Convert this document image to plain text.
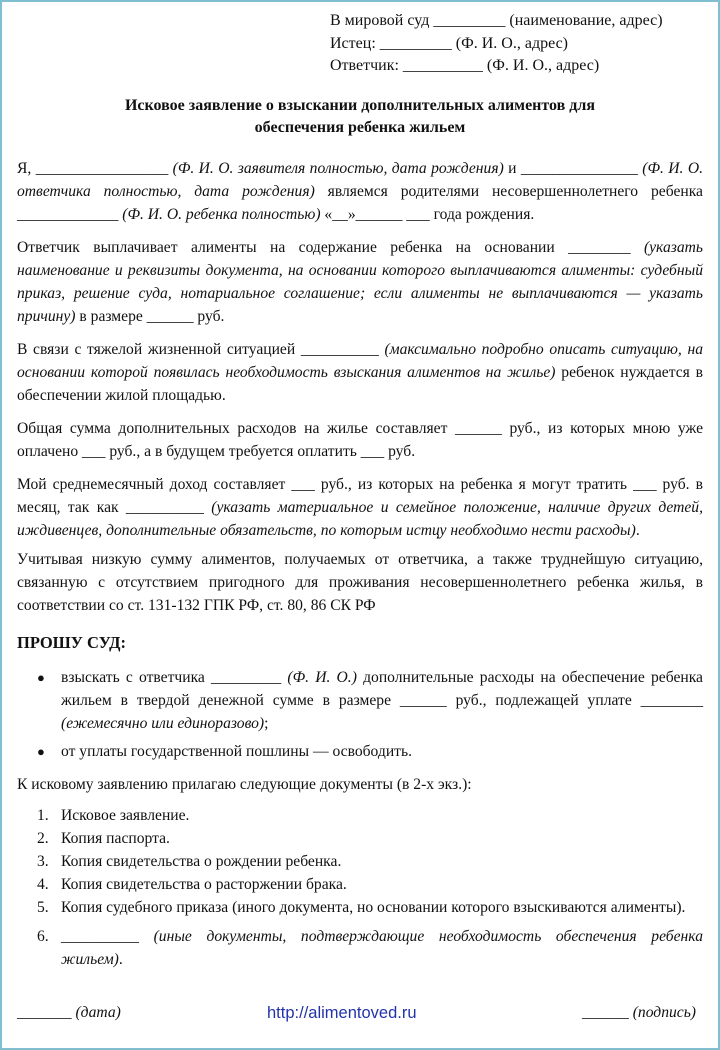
В мировой суд _________ (наименование, адрес)
Истец: _________ (Ф. И. О., адрес)
Ответчик: __________ (Ф. И. О., адрес)
Исковое заявление о взыскании дополнительных алиментов для
обеспечения ребенка жильем

Я, _________________ (Ф. И. О. заявителя полностью, дата рождения) и _______________ (Ф. И. О. ответчика полностью, дата рождения) являемся родителями несовершеннолетнего ребенка _____________ (Ф. И. О. ребенка полностью) «__»______ ___ года рождения.

Ответчик выплачивает алименты на содержание ребенка на основании ________ (указать наименование и реквизиты документа, на основании которого выплачиваются алименты: судебный приказ, решение суда, нотариальное соглашение; если алименты не выплачиваются — указать причину) в размере ______ руб.

В связи с тяжелой жизненной ситуацией __________ (максимально подробно описать ситуацию, на основании которой появилась необходимость взыскания алиментов на жилье) ребенок нуждается в обеспечении жилой площадью.

Общая сумма дополнительных расходов на жилье составляет ______ руб., из которых мною уже оплачено ___ руб., а в будущем требуется оплатить ___ руб.

Мой среднемесячный доход составляет ___ руб., из которых на ребенка я могут тратить ___ руб. в месяц, так как __________ (указать материальное и семейное положение, наличие других детей, иждивенцев, дополнительные обязательств, по которым истцу необходимо нести расходы).

Учитывая низкую сумму алиментов, получаемых от ответчика, а также труднейшую ситуацию, связанную с отсутствием пригодного для проживания несовершеннолетнего ребенка жилья, в соответствии со ст. 131-132 ГПК РФ, ст. 80, 86 СК РФ

ПРОШУ СУД:
● взыскать с ответчика _________ (Ф. И. О.) дополнительные расходы на обеспечение ребенка жильем в твердой денежной сумме в размере ______ руб., подлежащей уплате ________ (ежемесячно или единоразово);
● от уплаты государственной пошлины — освободить.
К исковому заявлению прилагаю следующие документы (в 2-х экз.):
1. Исковое заявление.
2. Копия паспорта.
3. Копия свидетельства о рождении ребенка.
4. Копия свидетельства о расторжении брака.
5. Копия судебного приказа (иного документа, но основании которого взыскиваются алименты).
6. __________ (иные документы, подтверждающие необходимость обеспечения ребенка жильем).
_______ (дата)	http://alimentoved.ru	______ (подпись)
